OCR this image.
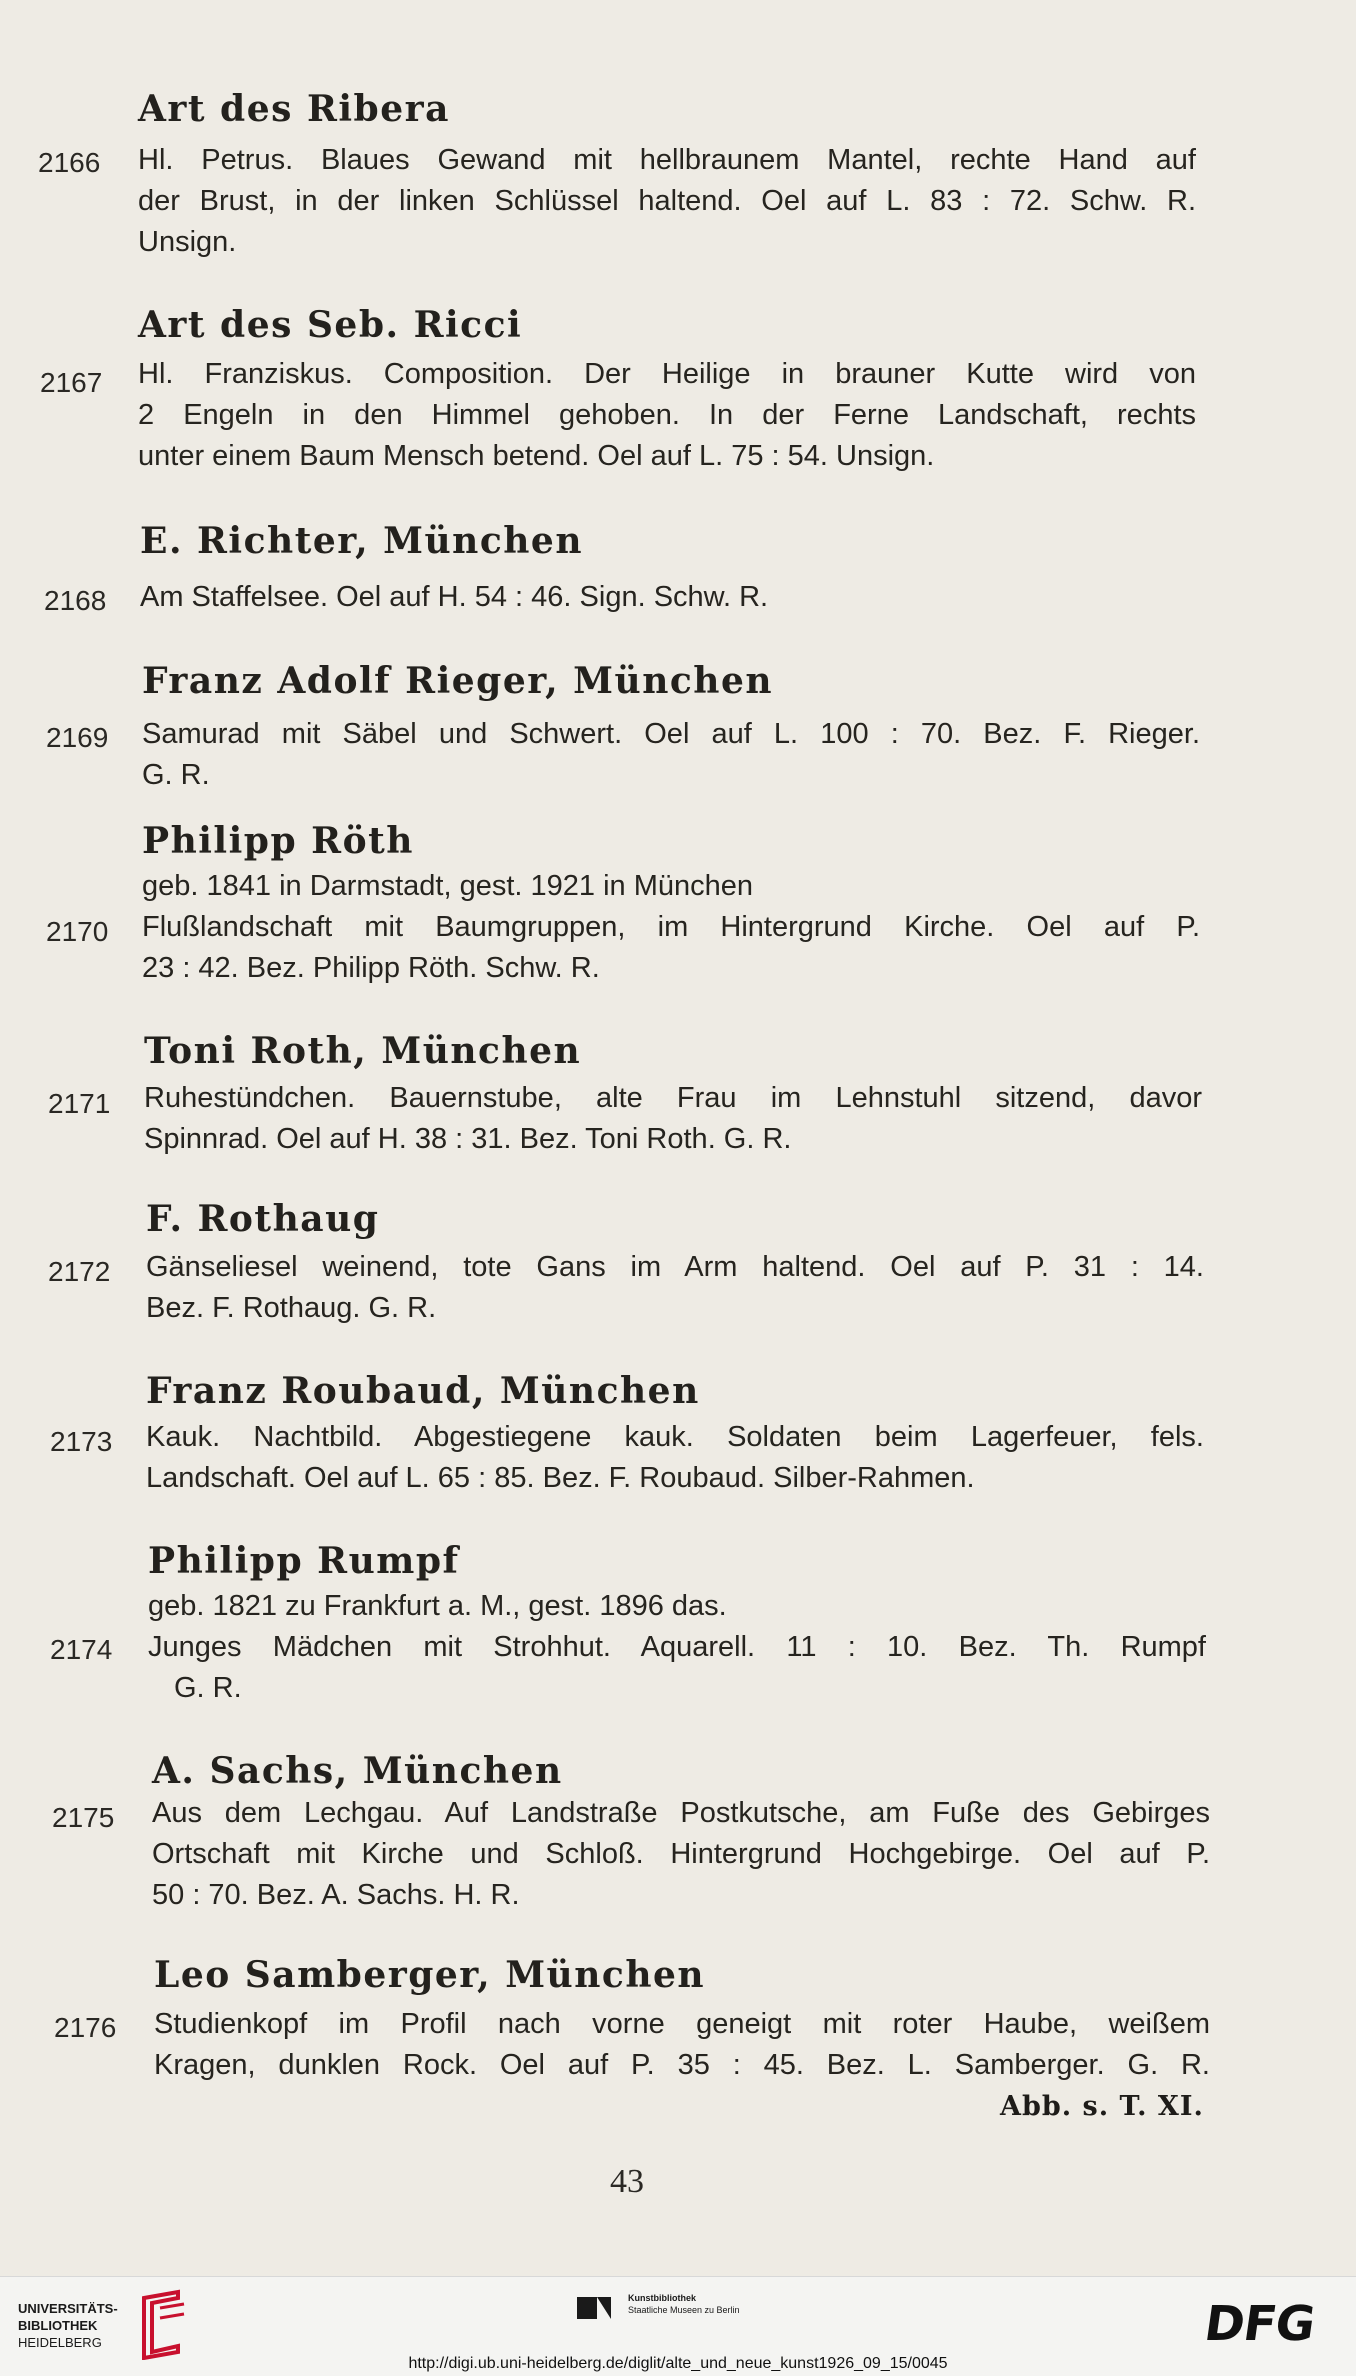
Art des Ribera
2166 Hl. Petrus. Blaues Gewand mit hellbraunem Mantel, rechte Hand auf
der Brust, in der linken Schlüssel haltend. Oel auf L. 83 : 72. Schw. R.
Unsign.
Art des Seb. Ricci
2167 Hl. Franziskus. Composition. Der Heilige in brauner Kutte wird von
2 Engeln in den Himmel gehoben. In der Ferne Landschaft, rechts
unter einem Baum Mensch betend. Oel auf L. 75 : 54. Unsign.
E. Richter, München
2168 Am Staffelsee. Oel auf H. 54 : 46. Sign. Schw. R.
Franz Adolf Rieger, München
2169 Samurad mit Säbel und Schwert. Oel auf L. 100 : 70. Bez. F. Rieger.
G. R.
Philipp Röth
geb. 1841 in Darmstadt, gest. 1921 in München
2170 Flußlandschaft mit Baumgruppen, im Hintergrund Kirche. Oel auf P.
23 : 42. Bez. Philipp Röth. Schw. R.
Toni Roth, München
2171 Ruhestündchen. Bauernstube, alte Frau im Lehnstuhl sitzend, davor
Spinnrad. Oel auf H. 38 : 31. Bez. Toni Roth. G. R.
F. Rothaug
2172 Gänseliesel weinend, tote Gans im Arm haltend. Oel auf P. 31 : 14.
Bez. F. Rothaug. G. R.
Franz Roubaud, München
2173 Kauk. Nachtbild. Abgestiegene kauk. Soldaten beim Lagerfeuer, fels.
Landschaft. Oel auf L. 65 : 85. Bez. F. Roubaud. Silber-Rahmen.
Philipp Rumpf
geb. 1821 zu Frankfurt a. M., gest. 1896 das.
2174 Junges Mädchen mit Strohhut. Aquarell. 11 : 10. Bez. Th. Rumpf
G. R.
A. Sachs, München
2175 Aus dem Lechgau. Auf Landstraße Postkutsche, am Fuße des Gebirges
Ortschaft mit Kirche und Schloß. Hintergrund Hochgebirge. Oel auf P.
50 : 70. Bez. A. Sachs. H. R.
Leo Samberger, München
2176 Studienkopf im Profil nach vorne geneigt mit roter Haube, weißem
Kragen, dunklen Rock. Oel auf P. 35 : 45. Bez. L. Samberger. G. R.
Abb. s. T. XI.
43
UNIVERSITÄTS-
BIBLIOTHEK
HEIDELBERG
Kunstbibliothek
Staatliche Museen zu Berlin	DFG
http://digi.ub.uni-heidelberg.de/diglit/alte_und_neue_kunst1926_09_15/0045
